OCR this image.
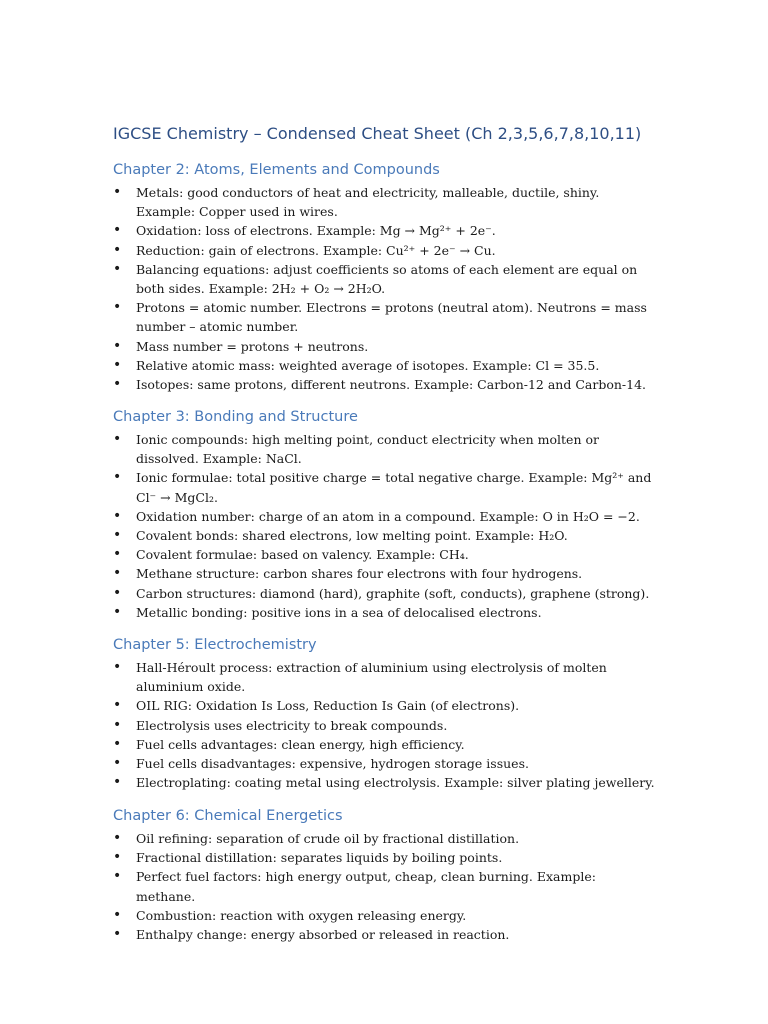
IGCSE Chemistry – Condensed Cheat Sheet (Ch 2,3,5,6,7,8,10,11)
Chapter 2: Atoms, Elements and Compounds
• Metals: good conductors of heat and electricity, malleable, ductile, shiny. Example: Copper used in wires.
• Oxidation: loss of electrons. Example: Mg → Mg²⁺ + 2e⁻.
• Reduction: gain of electrons. Example: Cu²⁺ + 2e⁻ → Cu.
• Balancing equations: adjust coefficients so atoms of each element are equal on both sides. Example: 2H₂ + O₂ → 2H₂O.
• Protons = atomic number. Electrons = protons (neutral atom). Neutrons = mass number – atomic number.
• Mass number = protons + neutrons.
• Relative atomic mass: weighted average of isotopes. Example: Cl = 35.5.
• Isotopes: same protons, different neutrons. Example: Carbon-12 and Carbon-14.
Chapter 3: Bonding and Structure
• Ionic compounds: high melting point, conduct electricity when molten or dissolved. Example: NaCl.
• Ionic formulae: total positive charge = total negative charge. Example: Mg²⁺ and Cl⁻ → MgCl₂.
• Oxidation number: charge of an atom in a compound. Example: O in H₂O = −2.
• Covalent bonds: shared electrons, low melting point. Example: H₂O.
• Covalent formulae: based on valency. Example: CH₄.
• Methane structure: carbon shares four electrons with four hydrogens.
• Carbon structures: diamond (hard), graphite (soft, conducts), graphene (strong).
• Metallic bonding: positive ions in a sea of delocalised electrons.
Chapter 5: Electrochemistry
• Hall-Héroult process: extraction of aluminium using electrolysis of molten aluminium oxide.
• OIL RIG: Oxidation Is Loss, Reduction Is Gain (of electrons).
• Electrolysis uses electricity to break compounds.
• Fuel cells advantages: clean energy, high efficiency.
• Fuel cells disadvantages: expensive, hydrogen storage issues.
• Electroplating: coating metal using electrolysis. Example: silver plating jewellery.
Chapter 6: Chemical Energetics
• Oil refining: separation of crude oil by fractional distillation.
• Fractional distillation: separates liquids by boiling points.
• Perfect fuel factors: high energy output, cheap, clean burning. Example: methane.
• Combustion: reaction with oxygen releasing energy.
• Enthalpy change: energy absorbed or released in reaction.
